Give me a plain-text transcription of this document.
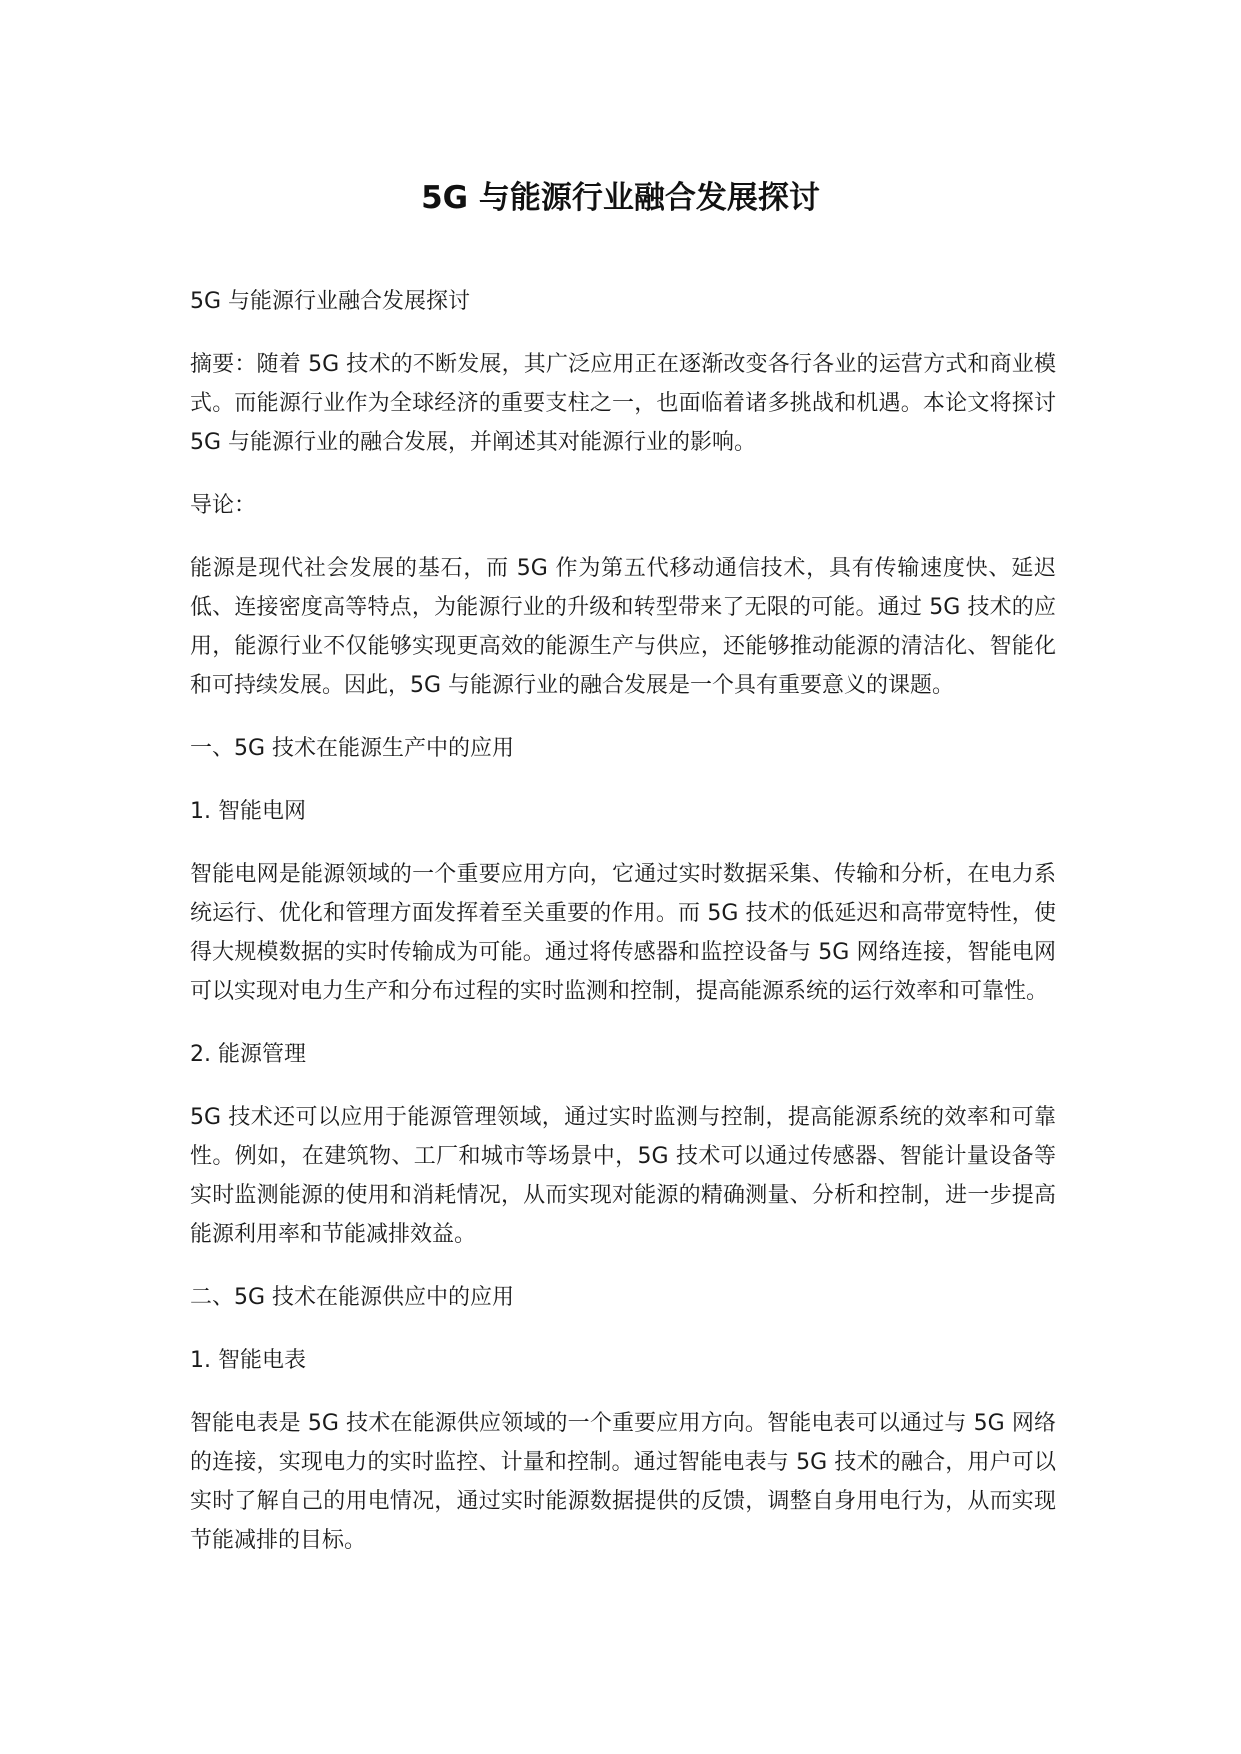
5G 与能源行业融合发展探讨

5G 与能源行业融合发展探讨

摘要：随着 5G 技术的不断发展，其广泛应用正在逐渐改变各行各业的运营方式和商业模式。而能源行业作为全球经济的重要支柱之一，也面临着诸多挑战和机遇。本论文将探讨 5G 与能源行业的融合发展，并阐述其对能源行业的影响。

导论：

能源是现代社会发展的基石，而 5G 作为第五代移动通信技术，具有传输速度快、延迟低、连接密度高等特点，为能源行业的升级和转型带来了无限的可能。通过 5G 技术的应用，能源行业不仅能够实现更高效的能源生产与供应，还能够推动能源的清洁化、智能化和可持续发展。因此，5G 与能源行业的融合发展是一个具有重要意义的课题。

一、5G 技术在能源生产中的应用

1. 智能电网

智能电网是能源领域的一个重要应用方向，它通过实时数据采集、传输和分析，在电力系统运行、优化和管理方面发挥着至关重要的作用。而 5G 技术的低延迟和高带宽特性，使得大规模数据的实时传输成为可能。通过将传感器和监控设备与 5G 网络连接，智能电网可以实现对电力生产和分布过程的实时监测和控制，提高能源系统的运行效率和可靠性。

2. 能源管理

5G 技术还可以应用于能源管理领域，通过实时监测与控制，提高能源系统的效率和可靠性。例如，在建筑物、工厂和城市等场景中，5G 技术可以通过传感器、智能计量设备等实时监测能源的使用和消耗情况，从而实现对能源的精确测量、分析和控制，进一步提高能源利用率和节能减排效益。

二、5G 技术在能源供应中的应用

1. 智能电表

智能电表是 5G 技术在能源供应领域的一个重要应用方向。智能电表可以通过与 5G 网络的连接，实现电力的实时监控、计量和控制。通过智能电表与 5G 技术的融合，用户可以实时了解自己的用电情况，通过实时能源数据提供的反馈，调整自身用电行为，从而实现节能减排的目标。
